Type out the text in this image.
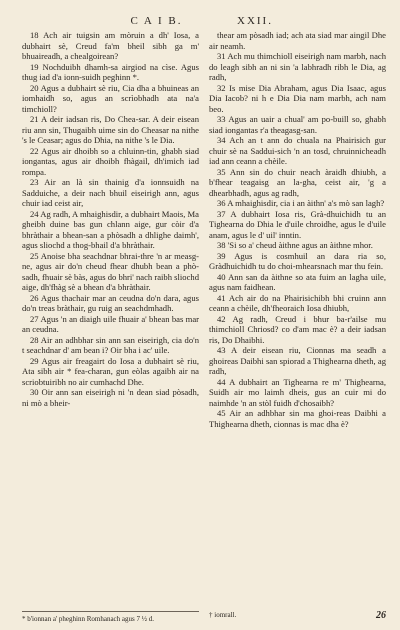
C A I B.	XXII.

18 Ach air tuigsin am mòruin a dh' Iosa, a dubhairt sè, Creud fa'm bheil sibh ga m' bhuaireadh, a chealgoirean?

19 Nochduibh dhamh-sa airgiod na cìse. Agus thug iad d'a ionn-suidh peghinn *.

20 Agus a dubhairt sè riu, Cia dha a bhuineas an iomhaidh so, agus an scrìobhadh ata na'a timchioll?

21 A deir iadsan ris, Do Chea-sar. A deir eisean riu ann sin, Thugaibh uime sin do Cheasar na nithe 's le Ceasar; agus do Dhia, na nithe 's le Dia.

22 Agus air dhoibh so a chluinn-tin, ghabh siad iongantas, agus air dhoibh fhàgail, dh'imich iad rompa.

23 Air an là sin thainig d'a ionnsuidh na Sadduiche, a deir nach bhuil eiseirigh ann, agus chuir iad ceist air,

24 Ag radh, A mhaighisdir, a dubhairt Maois, Ma gheibh duine bas gun chlann aige, gur còir d'a bhràthair a bhean-san a phòsadh a dhlighe daimh', agus sliochd a thog-bhail d'a bhràthair.

25 Anoise bha seachdnar bhrai-thre 'n ar measg-ne, agus air do'n cheud fhear dhubh bean a phò-sadh, fhuair sè bàs, agus do bhri' nach raibh sliochd aige, dh'fhàg sè a bhean d'a bhràthair.

26 Agus thachair mar an ceudna do'n dara, agus do'n treas bràthair, gu ruig an seachdmhadh.

27 Agus 'n an diaigh uile fhuair a' bhean bas mar an ceudna.

28 Air an adhbhar sin ann san eiseirigh, cia do'n t seachdnar d' am bean i? Oir bha i ac' uile.

29 Agus air freagairt do Iosa a dubhairt sè riu, Ata sibh air * fea-charan, gun eòlas agaibh air na scriobtuiribh no air cumhachd Dhe.

30 Oir ann san eiseirigh ni 'n dean siad pòsadh, ni mò a bheir-

thear am pòsadh iad; ach ata siad mar aingil Dhe air neamh.

31 Ach mu thimchioll eiseirigh nam marbh, nach do leagh sibh an ni sin 'a labhradh ribh le Dia, ag radh,

32 Is mise Dia Abraham, agus Dia Isaac, agus Dia Iacob? ni h e Dia Dia nam marbh, ach nam beo.

33 Agus an uair a chual' am po-buill so, ghabh siad iongantas r'a theagasg-san.

34 Ach an t ann do chuala na Phairisich gur chuir sè na Saddui-sich 'n an tosd, chruinnicheadh iad ann ceann a chèile.

35 Ann sin do chuir neach àraidh dhiubh, a b'fhear teagaisg an la-gha, ceist air, 'g a dhearbhadh, agus ag radh,

36 A mhaighisdir, cia i an àithn' a's mò san lagh?

37 A dubhairt Iosa ris, Grà-dhuichidh tu an Tighearna do Dhia le d'uile chroidhe, agus le d'uile anam, agus le d' uil' inntin.

38 'Si so a' cheud àithne agus an àithne mhor.

39 Agus is cosmhuil an dara ria so, Gràdhuichidh tu do choi-mhearsnach mar thu fein.

40 Ann san da àithne so ata fuim an lagha uile, agus nam faidhean.

41 Ach air do na Phairisichibh bhi cruinn ann ceann a chèile, dh'fheoraich Iosa dhiubh,

42 Ag radh, Creud i bhur ba-r'ailse mu thimchioll Chriosd? co d'am mac è? a deir iadsan ris, Do Dhaibhi.

43 A deir eisean riu, Cionnas ma seadh a ghoireas Daibhi san spiorad a Thighearna dheth, ag radh,

44 A dubhairt an Tighearna re m' Thighearna, Suidh air mo laimh dheis, gus an cuir mi do naimhde 'n an stòl fuidh d'chosaibh?

45 Air an adhbhar sin ma ghoi-reas Daibhi a Thighearna dheth, cionnas is mac dha è?

* b'ionnan a' pheghinn Romhanach agus 7 ½ d.	† iomrall.	26
